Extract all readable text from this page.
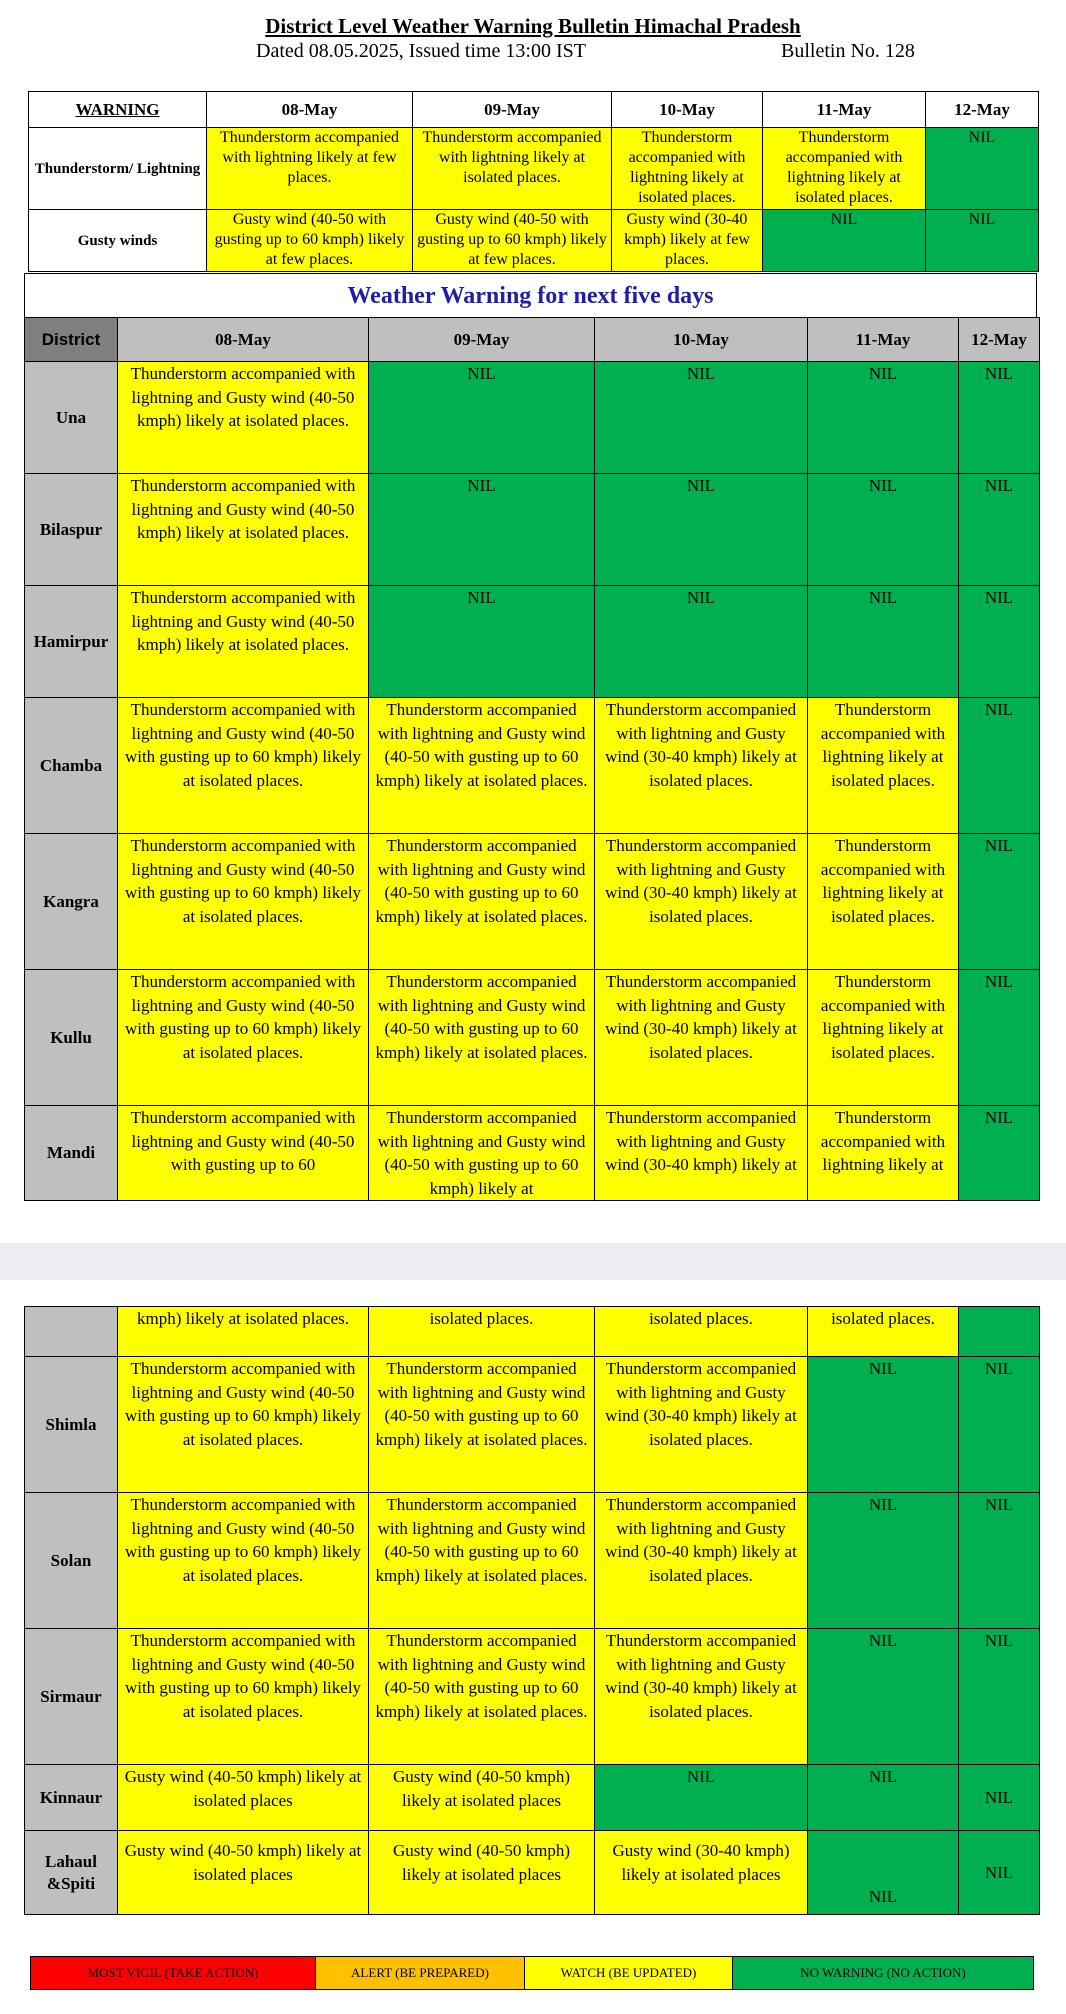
District Level Weather Warning Bulletin Himachal Pradesh
Dated 08.05.2025, Issued time 13:00 IST	Bulletin No. 128
WARNING	08-May	09-May	10-May	11-May	12-May
Thunderstorm/ Lightning	Thunderstorm accompanied with lightning likely at few places.	Thunderstorm accompanied with lightning likely at isolated places.	Thunderstorm accompanied with lightning likely at isolated places.	Thunderstorm accompanied with lightning likely at isolated places.	NIL
Gusty winds	Gusty wind (40-50 with gusting up to 60 kmph) likely at few places.	Gusty wind (40-50 with gusting up to 60 kmph) likely at few places.	Gusty wind (30-40 kmph) likely at few places.	NIL	NIL
Weather Warning for next five days
District	08-May	09-May	10-May	11-May	12-May
Una	Thunderstorm accompanied with lightning and Gusty wind (40-50 kmph) likely at isolated places.	NIL	NIL	NIL	NIL
Bilaspur	Thunderstorm accompanied with lightning and Gusty wind (40-50 kmph) likely at isolated places.	NIL	NIL	NIL	NIL
Hamirpur	Thunderstorm accompanied with lightning and Gusty wind (40-50 kmph) likely at isolated places.	NIL	NIL	NIL	NIL
Chamba	Thunderstorm accompanied with lightning and Gusty wind (40-50 with gusting up to 60 kmph) likely at isolated places.	Thunderstorm accompanied with lightning and Gusty wind (40-50 with gusting up to 60 kmph) likely at isolated places.	Thunderstorm accompanied with lightning and Gusty wind (30-40 kmph) likely at isolated places.	Thunderstorm accompanied with lightning likely at isolated places.	NIL
Kangra	Thunderstorm accompanied with lightning and Gusty wind (40-50 with gusting up to 60 kmph) likely at isolated places.	Thunderstorm accompanied with lightning and Gusty wind (40-50 with gusting up to 60 kmph) likely at isolated places.	Thunderstorm accompanied with lightning and Gusty wind (30-40 kmph) likely at isolated places.	Thunderstorm accompanied with lightning likely at isolated places.	NIL
Kullu	Thunderstorm accompanied with lightning and Gusty wind (40-50 with gusting up to 60 kmph) likely at isolated places.	Thunderstorm accompanied with lightning and Gusty wind (40-50 with gusting up to 60 kmph) likely at isolated places.	Thunderstorm accompanied with lightning and Gusty wind (30-40 kmph) likely at isolated places.	Thunderstorm accompanied with lightning likely at isolated places.	NIL
Mandi	Thunderstorm accompanied with lightning and Gusty wind (40-50 with gusting up to 60	Thunderstorm accompanied with lightning and Gusty wind (40-50 with gusting up to 60 kmph) likely at	Thunderstorm accompanied with lightning and Gusty wind (30-40 kmph) likely at	Thunderstorm accompanied with lightning likely at	NIL
	kmph) likely at isolated places.	isolated places.	isolated places.	isolated places.	
Shimla	Thunderstorm accompanied with lightning and Gusty wind (40-50 with gusting up to 60 kmph) likely at isolated places.	Thunderstorm accompanied with lightning and Gusty wind (40-50 with gusting up to 60 kmph) likely at isolated places.	Thunderstorm accompanied with lightning and Gusty wind (30-40 kmph) likely at isolated places.	NIL	NIL
Solan	Thunderstorm accompanied with lightning and Gusty wind (40-50 with gusting up to 60 kmph) likely at isolated places.	Thunderstorm accompanied with lightning and Gusty wind (40-50 with gusting up to 60 kmph) likely at isolated places.	Thunderstorm accompanied with lightning and Gusty wind (30-40 kmph) likely at isolated places.	NIL	NIL
Sirmaur	Thunderstorm accompanied with lightning and Gusty wind (40-50 with gusting up to 60 kmph) likely at isolated places.	Thunderstorm accompanied with lightning and Gusty wind (40-50 with gusting up to 60 kmph) likely at isolated places.	Thunderstorm accompanied with lightning and Gusty wind (30-40 kmph) likely at isolated places.	NIL	NIL
Kinnaur	Gusty wind (40-50 kmph) likely at isolated places	Gusty wind (40-50 kmph) likely at isolated places	NIL	NIL	NIL
Lahaul &Spiti	Gusty wind (40-50 kmph) likely at isolated places	Gusty wind (40-50 kmph) likely at isolated places	Gusty wind (30-40 kmph) likely at isolated places	NIL	NIL
MOST VIGIL (TAKE ACTION)	ALERT (BE PREPARED)	WATCH (BE UPDATED)	NO WARNING (NO ACTION)
